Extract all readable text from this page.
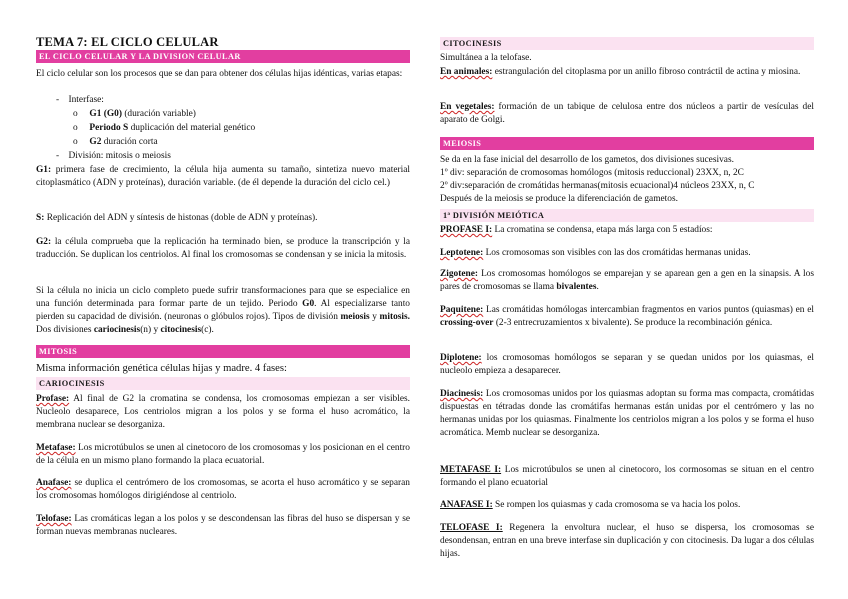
TEMA 7: EL CICLO CELULAR
EL CICLO CELULAR Y LA DIVISION CELULAR

El ciclo celular son los procesos que se dan para obtener dos células hijas idénticas, varias etapas:

- Interfase:
o G1 (G0) (duración variable)
o Periodo S duplicación del material genético
o G2 duración corta
- División: mitosis o meiosis

G1: primera fase de crecimiento, la célula hija aumenta su tamaño, sintetiza nuevo material citoplasmático (ADN y proteínas), duración variable. (de él depende la duración del ciclo cel.)

S: Replicación del ADN y síntesis de histonas (doble de ADN y proteínas).

G2: la célula comprueba que la replicación ha terminado bien, se produce la transcripción y la traducción. Se duplican los centriolos. Al final los cromosomas se condensan y se inicia la mitosis.

Si la célula no inicia un ciclo completo puede sufrir transformaciones para que se especialice en una función determinada para formar parte de un tejido. Periodo G0. Al especializarse tanto pierden su capacidad de división. (neuronas o glóbulos rojos). Tipos de división meiosis y mitosis. Dos divisiones cariocinesis(n) y citocinesis(c).

MITOSIS

Misma información genética células hijas y madre. 4 fases:

CARIOCINESIS

Profase: Al final de G2 la cromatina se condensa, los cromosomas empiezan a ser visibles. Nucleolo desaparece, Los centriolos migran a los polos y se forma el huso acromático, la membrana nuclear se desorganiza.

Metafase: Los microtúbulos se unen al cinetocoro de los cromosomas y los posicionan en el centro de la célula en un mismo plano formando la placa ecuatorial.

Anafase: se duplica el centrómero de los cromosomas, se acorta el huso acromático y se separan los cromosomas homólogos dirigiéndose al centriolo.

Telofase: Las cromáticas legan a los polos y se descondensan las fibras del huso se dispersan y se forman nuevas membranas nucleares.

CITOCINESIS

Simultánea a la telofase.

En animales: estrangulación del citoplasma por un anillo fibroso contráctil de actina y miosina.

En vegetales: formación de un tabique de celulosa entre dos núcleos a partir de vesículas del aparato de Golgi.

MEIOSIS

Se da en la fase inicial del desarrollo de los gametos, dos divisiones sucesivas.

1º div: separación de cromosomas homólogos (mitosis reduccional) 23XX, n, 2C

2º div:separación de cromátidas hermanas(mitosis ecuacional)4 núcleos 23XX, n, C

Después de la meiosis se produce la diferenciación de gametos.

1ª DIVISIÓN MEIÓTICA

PROFASE I: La cromatina se condensa, etapa más larga con 5 estadíos:

Leptotene: Los cromosomas son visibles con las dos cromátidas hermanas unidas.

Zigotene: Los cromosomas homólogos se emparejan y se aparean gen a gen en la sinapsis. A los pares de cromosomas se llama bivalentes.

Paquitene: Las cromátidas homólogas intercambian fragmentos en varios puntos (quiasmas) en el crossing-over (2-3 entrecruzamientos x bivalente). Se produce la recombinación génica.

Diplotene: los cromosomas homólogos se separan y se quedan unidos por los quiasmas, el nucleolo empieza a desaparecer.

Diacinesis: Los cromosomas unidos por los quiasmas adoptan su forma mas compacta, cromátidas dispuestas en tétradas donde las cromátifas hermanas están unidas por el centrómero y las no hermanas unidas por los quiasmas. Finalmente los centriolos migran a los polos y se forma el huso acromática. Memb nuclear se desorganiza.

METAFASE I: Los microtúbulos se unen al cinetocoro, los cormosomas se situan en el centro formando el plano ecuatorial

ANAFASE I: Se rompen los quiasmas y cada cromosoma se va hacia los polos.

TELOFASE I: Regenera la envoltura nuclear, el huso se dispersa, los cromosomas se desondensan, entran en una breve interfase sin duplicación y con citocinesis. Da lugar a dos células hijas.
